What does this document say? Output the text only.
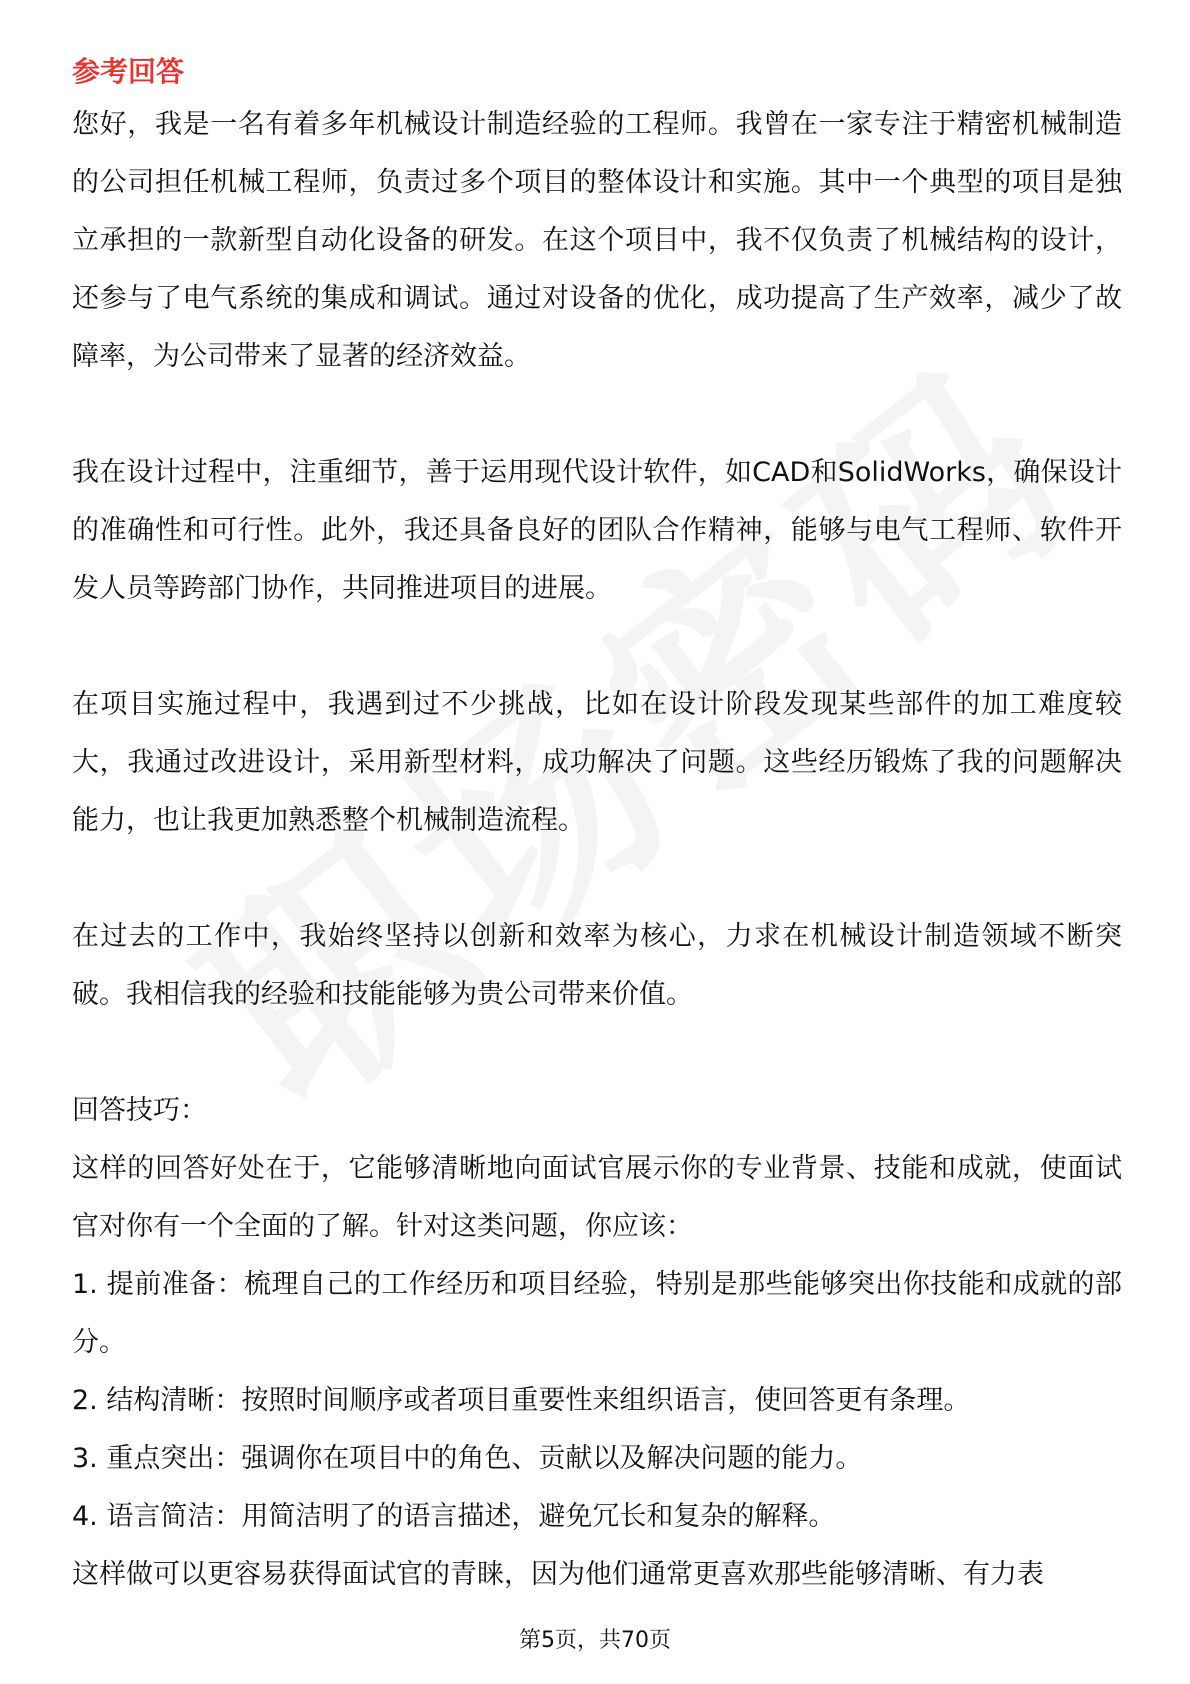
参考回答

您好，我是一名有着多年机械设计制造经验的工程师。我曾在一家专注于精密机械制造的公司担任机械工程师，负责过多个项目的整体设计和实施。其中一个典型的项目是独立承担的一款新型自动化设备的研发。在这个项目中，我不仅负责了机械结构的设计，还参与了电气系统的集成和调试。通过对设备的优化，成功提高了生产效率，减少了故障率，为公司带来了显著的经济效益。

我在设计过程中，注重细节，善于运用现代设计软件，如CAD和SolidWorks，确保设计的准确性和可行性。此外，我还具备良好的团队合作精神，能够与电气工程师、软件开发人员等跨部门协作，共同推进项目的进展。

在项目实施过程中，我遇到过不少挑战，比如在设计阶段发现某些部件的加工难度较大，我通过改进设计，采用新型材料，成功解决了问题。这些经历锻炼了我的问题解决能力，也让我更加熟悉整个机械制造流程。

在过去的工作中，我始终坚持以创新和效率为核心，力求在机械设计制造领域不断突破。我相信我的经验和技能能够为贵公司带来价值。

回答技巧：

这样的回答好处在于，它能够清晰地向面试官展示你的专业背景、技能和成就，使面试官对你有一个全面的了解。针对这类问题，你应该：

1. 提前准备：梳理自己的工作经历和项目经验，特别是那些能够突出你技能和成就的部分。

2. 结构清晰：按照时间顺序或者项目重要性来组织语言，使回答更有条理。

3. 重点突出：强调你在项目中的角色、贡献以及解决问题的能力。

4. 语言简洁：用简洁明了的语言描述，避免冗长和复杂的解释。

这样做可以更容易获得面试官的青睐，因为他们通常更喜欢那些能够清晰、有力表

第5页，共70页
